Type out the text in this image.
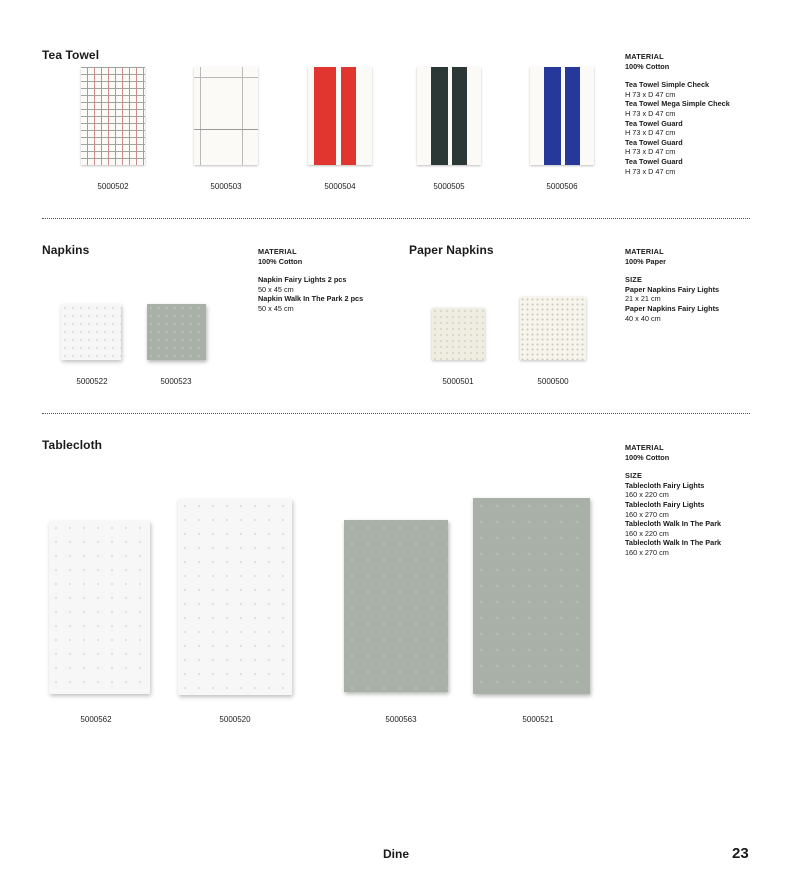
Tea Towel
5000502	5000503	5000504	5000505	5000506
MATERIAL
100% Cotton
Tea Towel Simple Check
H 73 x D 47 cm
Tea Towel Mega Simple Check
H 73 x D 47 cm
Tea Towel Guard
H 73 x D 47 cm
Tea Towel Guard
H 73 x D 47 cm
Tea Towel Guard
H 73 x D 47 cm
Napkins
5000522	5000523
MATERIAL
100% Cotton
Napkin Fairy Lights 2 pcs
50 x 45 cm
Napkin Walk In The Park 2 pcs
50 x 45 cm
Paper Napkins
5000501	5000500
MATERIAL
100% Paper
SIZE
Paper Napkins Fairy Lights
21 x 21 cm
Paper Napkins Fairy Lights
40 x 40 cm
Tablecloth
5000562	5000520	5000563	5000521
MATERIAL
100% Cotton
SIZE
Tablecloth Fairy Lights
160 x 220 cm
Tablecloth Fairy Lights
160 x 270 cm
Tablecloth Walk In The Park
160 x 220 cm
Tablecloth Walk In The Park
160 x 270 cm
Dine	23
